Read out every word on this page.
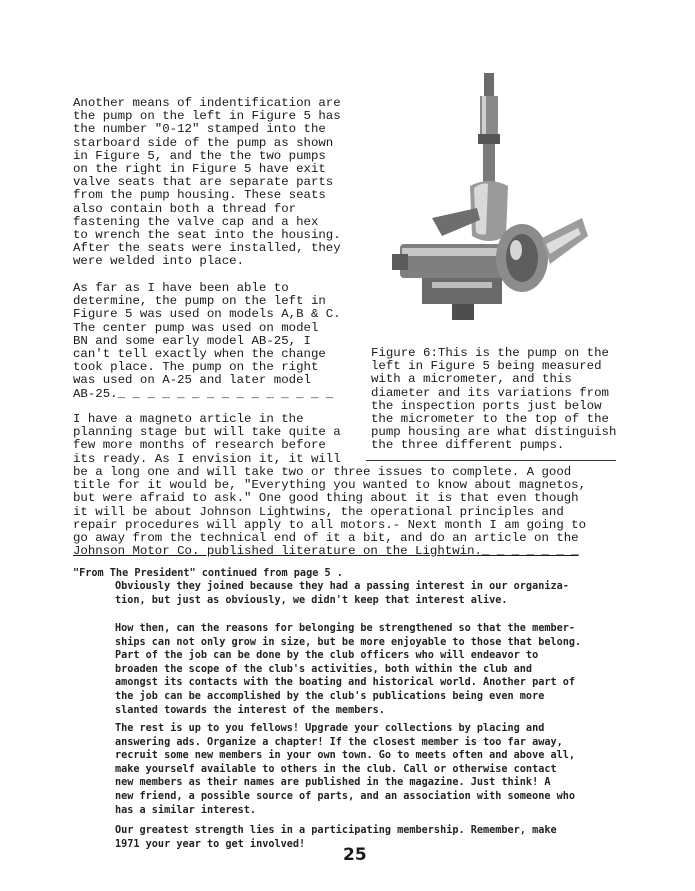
Another means of indentification are

the pump on the left in Figure 5 has

the number "0-12" stamped into the

starboard side of the pump as shown

in Figure 5, and the the two pumps

on the right in Figure 5 have exit

valve seats that are separate parts

from the pump housing. These seats

also contain both a thread for

fastening the valve cap and a hex

to wrench the seat into the housing.

After the seats were installed, they

were welded into place.

As far as I have been able to

determine, the pump on the left in

Figure 5 was used on models A,B & C.

The center pump was used on model

BN and some early model AB-25, I

can't tell exactly when the change

took place. The pump on the right

was used on A-25 and later model

AB-25._ _ _ _ _ _ _ _ _ _ _ _ _ _ _

Figure 6:This is the pump on the

left in Figure 5 being measured

with a micrometer, and this

diameter and its variations from

the inspection ports just below

the micrometer to the top of the

pump housing are what distinguish

the three different pumps.

I have a magneto article in the

planning stage but will take quite a

few more months of research before

its ready. As I envision it, it will

be a long one and will take two or three issues to complete. A good

title for it would be, "Everything you wanted to know about magnetos,

but were afraid to ask." One good thing about it is that even though

it will be about Johnson Lightwins, the operational principles and

repair procedures will apply to all motors.- Next month I am going to

go away from the technical end of it a bit, and do an article on the

Johnson Motor Co. published literature on the Lightwin._ _ _ _ _ _ _

"From The President" continued from page 5 .

Obviously they joined because they had a passing interest in our organiza-

tion, but just as obviously, we didn't keep that interest alive.

How then, can the reasons for belonging be strengthened so that the member-

ships can not only grow in size, but be more enjoyable to those that belong.

Part of the job can be done by the club officers who will endeavor to

broaden the scope of the club's activities, both within the club and

amongst its contacts with the boating and historical world. Another part of

the job can be accomplished by the club's publications being even more

slanted towards the interest of the members.

The rest is up to you fellows! Upgrade your collections by placing and

answering ads. Organize a chapter! If the closest member is too far away,

recruit some new members in your own town. Go to meets often and above all,

make yourself available to others in the club. Call or otherwise contact

new members as their names are published in the magazine. Just think! A

new friend, a possible source of parts, and an association with someone who

has a similar interest.

Our greatest strength lies in a participating membership. Remember, make

1971 your year to get involved!

25
